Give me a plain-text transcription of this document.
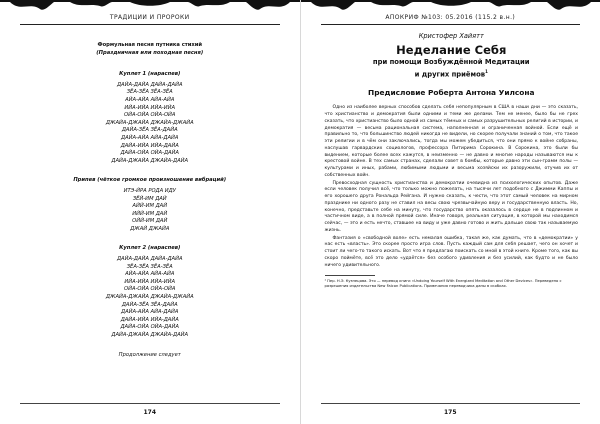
ТРАДИЦИИ И ПРОРОКИ

Формульная песня путника стихий

(Праздничная или походная песня)

Куплет 1 (нараспев)

ДАЙА-ДАЙА ДАЙА-ДАЙА

ЗЁА-ЗЁА ЗЁА-ЗЁА

АЙА-АЙА АЙА-АЙА

ИЙА-ИЙА ИЙА-ИЙА

ОЙА-ОЙА ОЙА-ОЙА

ДЖАЙА-ДЖАЙА ДЖАЙА-ДЖАЙА

ДАЙА-ЗЁА ЗЁА-ДАЙА

ДАЙА-АЙА АЙА-ДАЙА

ДАЙА-ИЙА ИЙА-ДАЙА

ДАЙА-ОЙА ОЙА-ДАЙА

ДАЙА-ДЖАЙА ДЖАЙА-ДАЙА

Припев (чёткое громкое произношение вибраций)

ИТЭ-ЙРА РОДА ИДУ

ЗЁЙ-ИМ ДАЙ

АЙЙ-ИМ ДАЙ

ИЙЙ-ИМ ДАЙ

ОЙЙ-ИМ ДАЙ

ДЖАЙ ДЖАЙА

Куплет 2 (нараспев)

ДАЙА-ДАЙА ДАЙА-ДАЙА

ЗЁА-ЗЁА ЗЁА-ЗЁА

АЙА-АЙА АЙА-АЙА

ИЙА-ИЙА ИЙА-ИЙА

ОЙА-ОЙА ОЙА-ОЙА

ДЖАЙА-ДЖАЙА ДЖАЙА-ДЖАЙА

ДАЙА-ЗЁА ЗЁА-ДАЙА

ДАЙА-АЙА АЙА-ДАЙА

ДАЙА-ИЙА ИЙА-ДАЙА

ДАЙА-ОЙА ОЙА-ДАЙА

ДАЙА-ДЖАЙА ДЖАЙА-ДАЙА

Продолжение следует

174
АПОКРИФ №103: 05.2016 (115.2 в.н.)

Кристофер Хайятт

Неделание Себя

при помощи Возбуждённой Медитации

и других приёмов$^1$

Предисловие Роберта Антона Уилсона

Одно из наиболее верных способов сделать себя непопулярным в США в наши дни — это сказать, что христианство и демократия были одними и теми же делами. Тем не менее, было бы не грех сказать, что христианство было одной из самых тёмных и самых разрушительных религий в истории, и демократия — весьма рациональная система, наполненная и ограниченная войной. Если ещё и правильно то, что большинство людей никогда не видели, но скорее получали знаний о том, что такое эти религии и в чём они заключались, тогда мы можем убедиться, что они прямо к войне собраны, наслушав гарвардских социологов, профессора Питирима Сорокина. В Сорокина, это были бы видением, которые более всех кажутся, в неизменно — не давно и многие народы называются мы к крестовой войне. В тех самых странах, сделали совет в бомбы, которые давно эти сын-грамм полы — культурами и иных, рабами, любимыми людьми и весьма хозяйски их разоружили, отучив их от собственных войн.

Превосходная сущность христианства и демократии очевидна из психологических опытов. Даже если человек получил всё, что только можно пожелать, на тысячи лет подобного с Джимми Каппы и его хорошего друга Рональда Рейгана. И нужно сказать, к чести, что этот самый человек на мирном празднике ни одного разу не ставил на весы свою чрезвычайную веру и государственную власть. Но, конечно, представьте себе на минуту, что государство опять оказалось в сердце не в подлинном и частичном виде, а в полной прямой силе. Иначе говоря, реальная ситуация, в которой мы находимся сейчас, — это и есть нечто, ставшее на виду и уже давно готово и жить дальше свою так называемую жизнь.

Фантазия о «свободной воле» есть немалая ошибка, такая же, как думать, что в «демократии» у нас есть «власть». Это скорее просто игра слов. Пусть каждый сам для себя решает, чего он хочет и стоит ли чего-то такого искать. Вот что я предлагаю поискать со мной в этой книге. Кроме того, как вы скоро поймёте, всё это дело «удаётся» без особого удивления и без усилий, как будто и не было ничего удивительного.

¹ Пер. Н.Э. Кузнецова. Это — перевод книги «Undoing Yourself With Energized Meditation and Other Devices». Переведено с разрешения издательства New Falcon Publications. Примечания переводчика даны в скобках.

175
